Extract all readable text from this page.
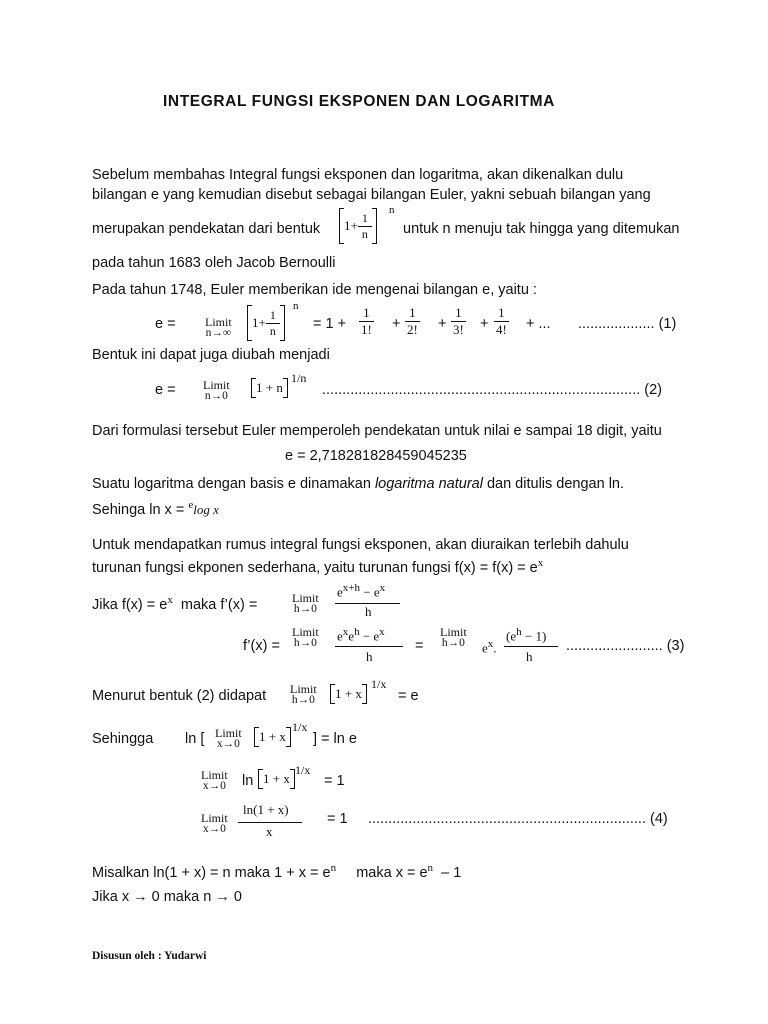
INTEGRAL FUNGSI EKSPONEN DAN LOGARITMA
Sebelum membahas Integral fungsi eksponen dan logaritma, akan dikenalkan dulu
bilangan e yang kemudian disebut sebagai bilangan Euler, yakni sebuah bilangan yang
merupakan pendekatan dari bentuk $1+ \frac{1}{n}$
n
untuk n menuju tak hingga yang ditemukan
pada tahun 1683 oleh Jacob Bernoulli
Pada tahun 1748, Euler memberikan ide mengenai bilangan e, yaitu :
e = Limit
n→∞
$1+ \frac{1}{n}$
n
= $1 + \frac{1}{1!} + \frac{1}{2!} + \frac{1}{3!} + \frac{1}{4!}$ + ... ................... (1)
Bentuk ini dapat juga diubah menjadi
e = Limit
n→0
1 + n
1/n
............................................................................... (2)
Dari formulasi tersebut Euler memperoleh pendekatan untuk nilai e sampai 18 digit, yaitu
e = 2,718281828459045235
Suatu logaritma dengan basis e dinamakan logaritma natural dan ditulis dengan ln.
Sehinga ln x = $^e$log x
Untuk mendapatkan rumus integral fungsi eksponen, akan diuraikan terlebih dahulu
turunan fungsi ekponen sederhana, yaitu turunan fungsi $f(x) = f(x) = e^x$
Jika $f(x) = e^x$ maka f’(x) =	Limit
h→0
$e^{x+h} - e^x$
h
f’(x) =
Limit
h→0 $e^xe^h - e^x$
h
=
Limit
h→0 $e^x$.
$(e^h - 1)$
h
........................ (3)
Menurut bentuk (2) didapat Limit
h→0 1 + x
1/x
= e
Sehingga ln [ Limit
x→0
1 + x
1/x
] = ln e
Limit
x→0 ln 1 + x
1/x
= 1
Limit
x→0
ln(1 + x)
x
= 1 ..................................................................... (4)
Misalkan ln(1 + x) = n maka $1 + x = e^n$ maka $x = e^n - 1$
Jika x → 0 maka n → 0
Disusun oleh : Yudarwi
